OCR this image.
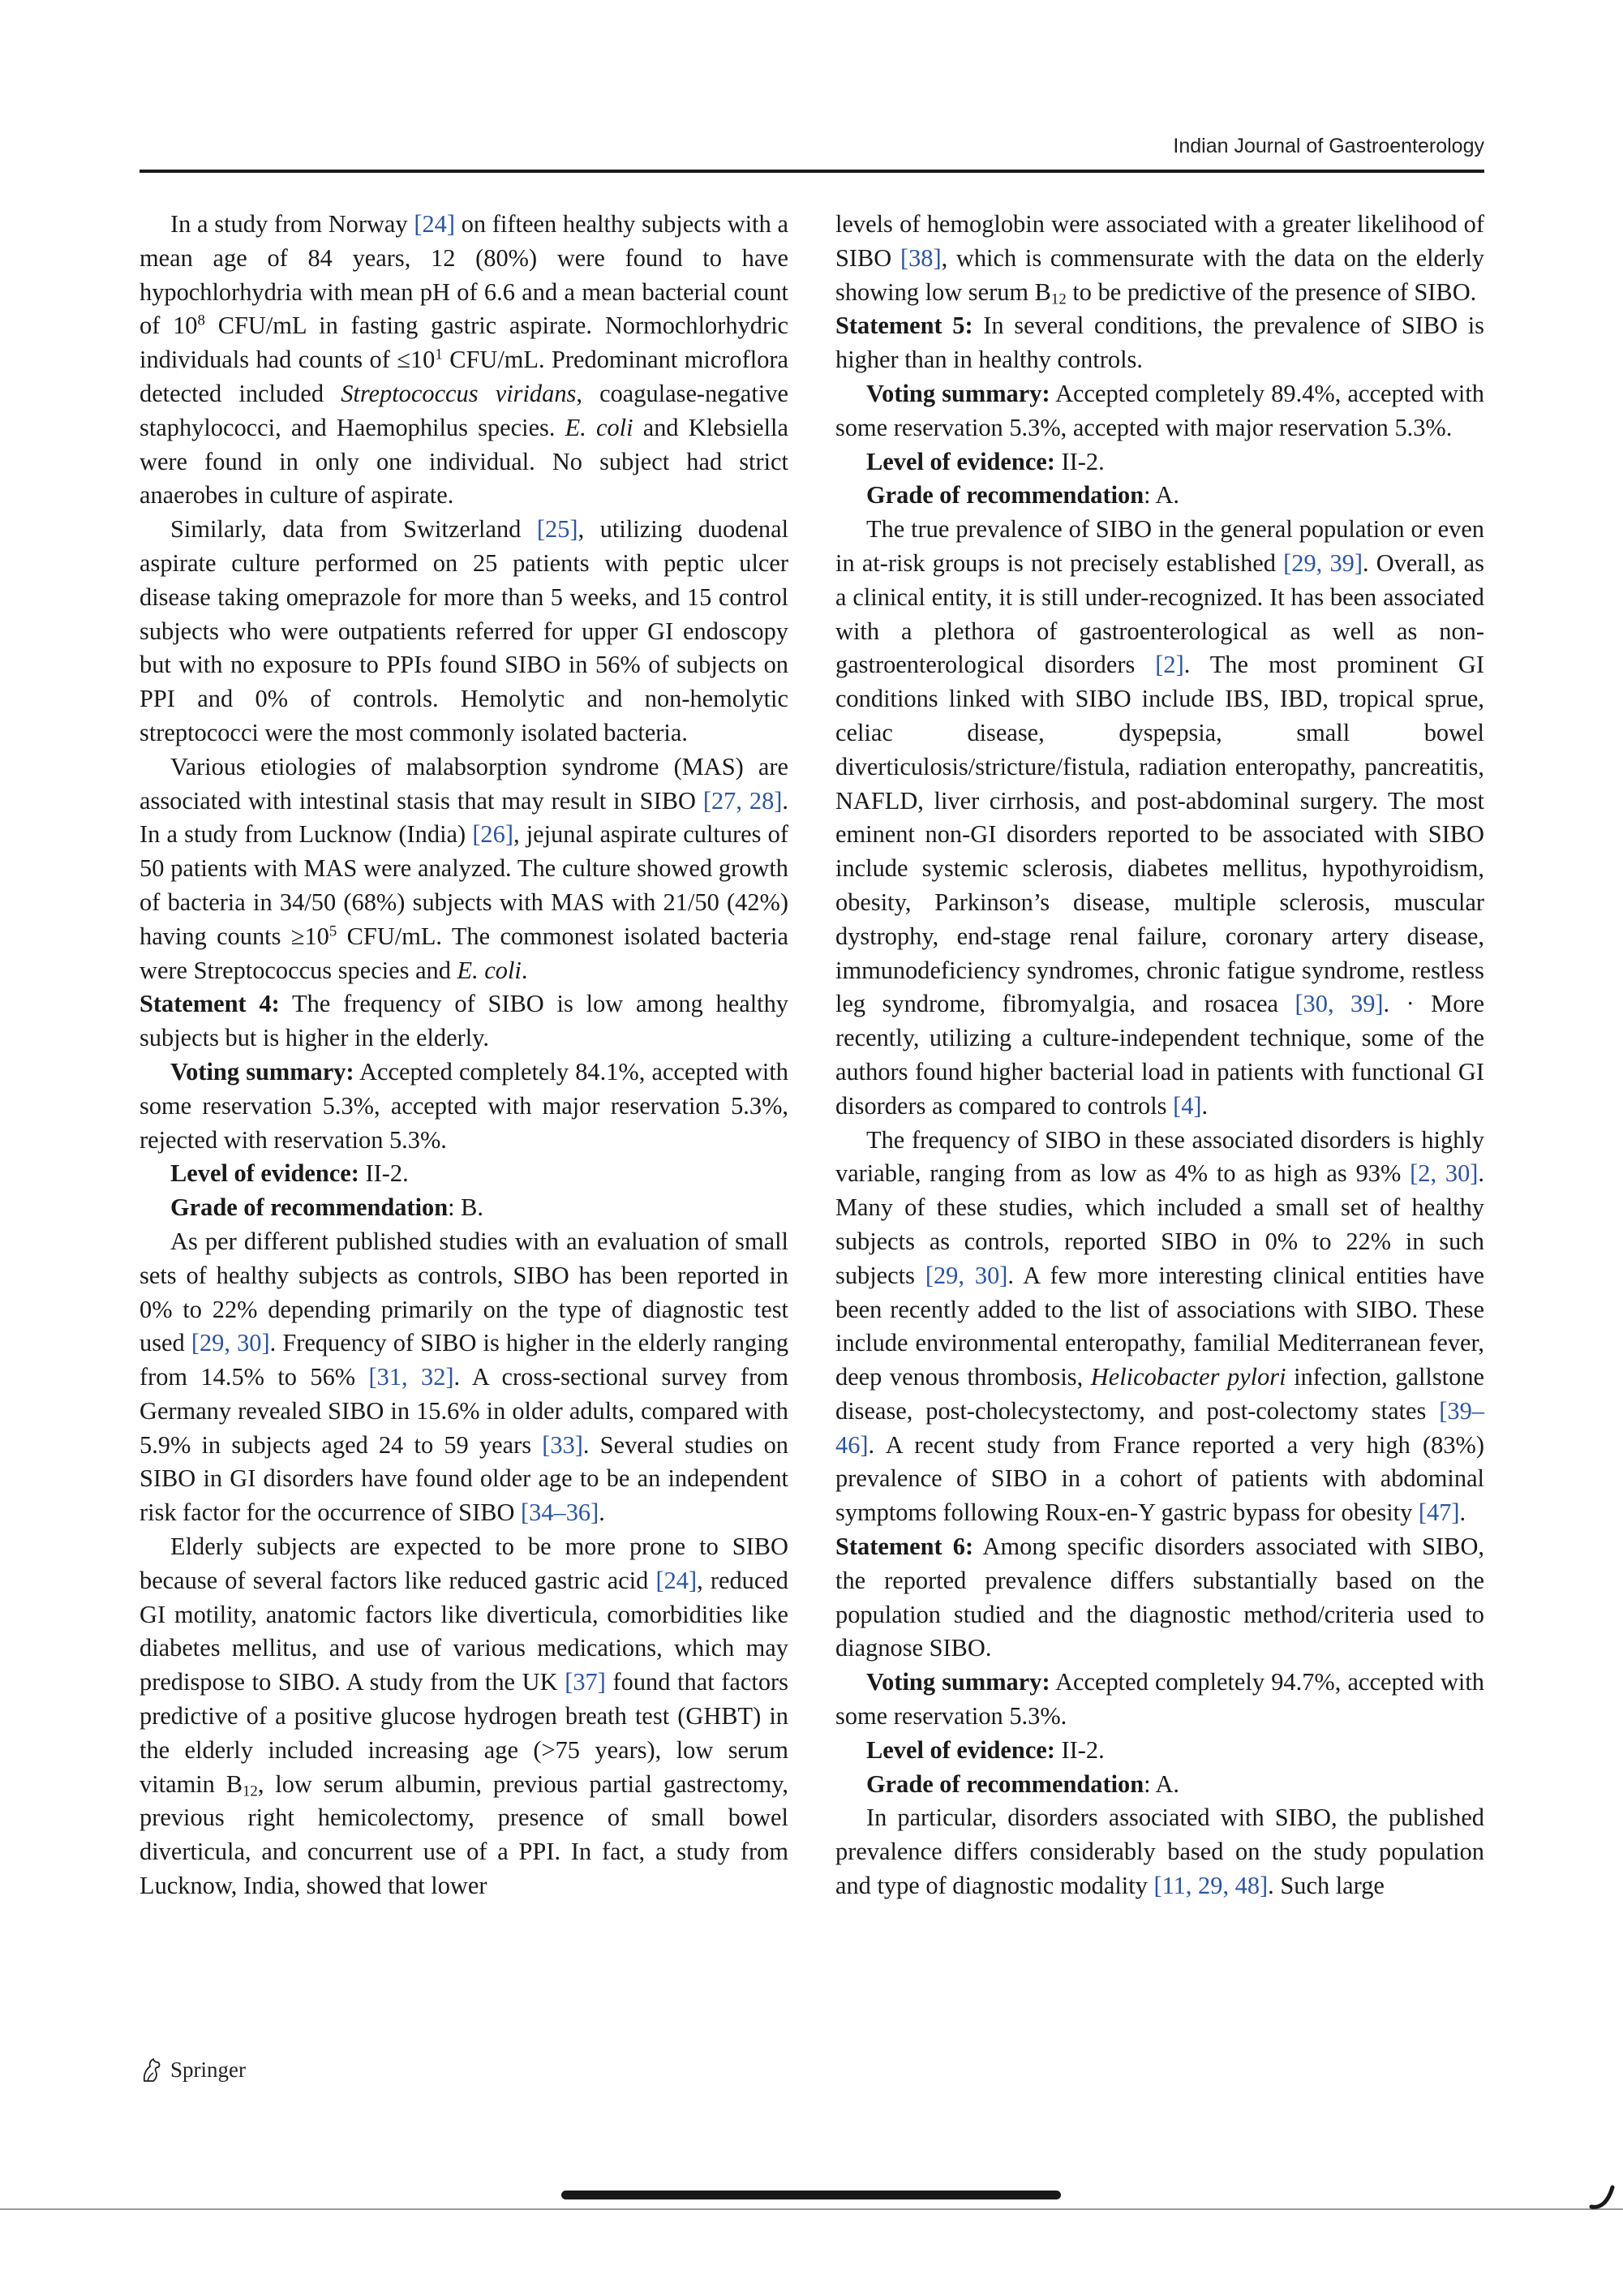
Indian Journal of Gastroenterology

In a study from Norway [24] on fifteen healthy subjects with a mean age of 84 years, 12 (80%) were found to have hypochlorhydria with mean pH of 6.6 and a mean bacterial count of $10^8$ CFU/mL in fasting gastric aspirate. Normochlorhydric individuals had counts of $\le 10^1$ CFU/mL. Predominant microflora detected included Streptococcus viridans, coagulase-negative staphylococci, and Haemophilus species. E. coli and Klebsiella were found in only one individual. No subject had strict anaerobes in culture of aspirate.

Similarly, data from Switzerland [25], utilizing duodenal aspirate culture performed on 25 patients with peptic ulcer disease taking omeprazole for more than 5 weeks, and 15 control subjects who were outpatients referred for upper GI endoscopy but with no exposure to PPIs found SIBO in 56% of subjects on PPI and 0% of controls. Hemolytic and non-hemolytic streptococci were the most commonly isolated bacteria.

Various etiologies of malabsorption syndrome (MAS) are associated with intestinal stasis that may result in SIBO [27, 28]. In a study from Lucknow (India) [26], jejunal aspirate cultures of 50 patients with MAS were analyzed. The culture showed growth of bacteria in 34/50 (68%) subjects with MAS with 21/50 (42%) having counts $\ge 10^5$ CFU/mL. The commonest isolated bacteria were Streptococcus species and E. coli.

Statement 4: The frequency of SIBO is low among healthy subjects but is higher in the elderly.

Voting summary: Accepted completely 84.1%, accepted with some reservation 5.3%, accepted with major reservation 5.3%, rejected with reservation 5.3%.

Level of evidence: II-2.

Grade of recommendation: B.

As per different published studies with an evaluation of small sets of healthy subjects as controls, SIBO has been reported in 0% to 22% depending primarily on the type of diagnostic test used [29, 30]. Frequency of SIBO is higher in the elderly ranging from 14.5% to 56% [31, 32]. A cross-sectional survey from Germany revealed SIBO in 15.6% in older adults, compared with 5.9% in subjects aged 24 to 59 years [33]. Several studies on SIBO in GI disorders have found older age to be an independent risk factor for the occurrence of SIBO [34–36].

Elderly subjects are expected to be more prone to SIBO because of several factors like reduced gastric acid [24], reduced GI motility, anatomic factors like diverticula, comorbidities like diabetes mellitus, and use of various medications, which may predispose to SIBO. A study from the UK [37] found that factors predictive of a positive glucose hydrogen breath test (GHBT) in the elderly included increasing age (>75 years), low serum vitamin $B_{12}$, low serum albumin, previous partial gastrectomy, previous right hemicolectomy, presence of small bowel diverticula, and concurrent use of a PPI. In fact, a study from Lucknow, India, showed that lower

levels of hemoglobin were associated with a greater likelihood of SIBO [38], which is commensurate with the data on the elderly showing low serum $B_{12}$ to be predictive of the presence of SIBO.

Statement 5: In several conditions, the prevalence of SIBO is higher than in healthy controls.

Voting summary: Accepted completely 89.4%, accepted with some reservation 5.3%, accepted with major reservation 5.3%.

Level of evidence: II-2.

Grade of recommendation: A.

The true prevalence of SIBO in the general population or even in at-risk groups is not precisely established [29, 39]. Overall, as a clinical entity, it is still under-recognized. It has been associated with a plethora of gastroenterological as well as non-gastroenterological disorders [2]. The most prominent GI conditions linked with SIBO include IBS, IBD, tropical sprue, celiac disease, dyspepsia, small bowel diverticulosis/stricture/fistula, radiation enteropathy, pancreatitis, NAFLD, liver cirrhosis, and post-abdominal surgery. The most eminent non-GI disorders reported to be associated with SIBO include systemic sclerosis, diabetes mellitus, hypothyroidism, obesity, Parkinson’s disease, multiple sclerosis, muscular dystrophy, end-stage renal failure, coronary artery disease, immunodeficiency syndromes, chronic fatigue syndrome, restless leg syndrome, fibromyalgia, and rosacea [30, 39]. · More recently, utilizing a culture-independent technique, some of the authors found higher bacterial load in patients with functional GI disorders as compared to controls [4].

The frequency of SIBO in these associated disorders is highly variable, ranging from as low as 4% to as high as 93% [2, 30]. Many of these studies, which included a small set of healthy subjects as controls, reported SIBO in 0% to 22% in such subjects [29, 30]. A few more interesting clinical entities have been recently added to the list of associations with SIBO. These include environmental enteropathy, familial Mediterranean fever, deep venous thrombosis, Helicobacter pylori infection, gallstone disease, post-cholecystectomy, and post-colectomy states [39–46]. A recent study from France reported a very high (83%) prevalence of SIBO in a cohort of patients with abdominal symptoms following Roux-en-Y gastric bypass for obesity [47].

Statement 6: Among specific disorders associated with SIBO, the reported prevalence differs substantially based on the population studied and the diagnostic method/criteria used to diagnose SIBO.

Voting summary: Accepted completely 94.7%, accepted with some reservation 5.3%.

Level of evidence: II-2.

Grade of recommendation: A.

In particular, disorders associated with SIBO, the published prevalence differs considerably based on the study population and type of diagnostic modality [11, 29, 48]. Such large

Springer
